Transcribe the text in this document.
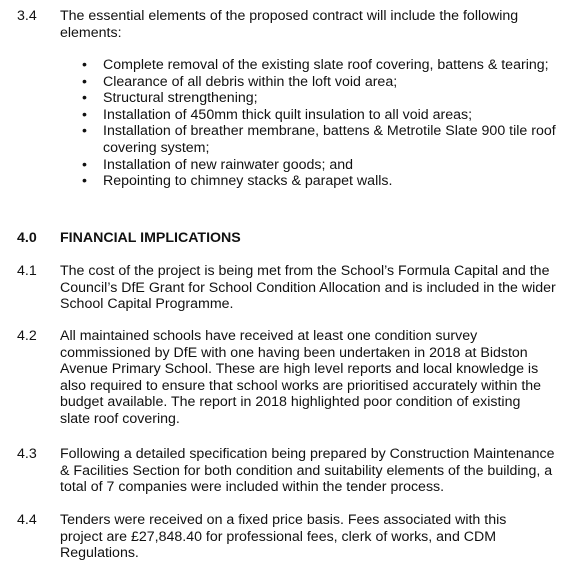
3.4 The essential elements of the proposed contract will include the following elements:
• Complete removal of the existing slate roof covering, battens & tearing;
• Clearance of all debris within the loft void area;
• Structural strengthening;
• Installation of 450mm thick quilt insulation to all void areas;
• Installation of breather membrane, battens & Metrotile Slate 900 tile roof covering system;
• Installation of new rainwater goods; and
• Repointing to chimney stacks & parapet walls.
4.0 FINANCIAL IMPLICATIONS
4.1 The cost of the project is being met from the School’s Formula Capital and the Council’s DfE Grant for School Condition Allocation and is included in the wider School Capital Programme.
4.2 All maintained schools have received at least one condition survey commissioned by DfE with one having been undertaken in 2018 at Bidston Avenue Primary School. These are high level reports and local knowledge is also required to ensure that school works are prioritised accurately within the budget available. The report in 2018 highlighted poor condition of existing slate roof covering.
4.3 Following a detailed specification being prepared by Construction Maintenance & Facilities Section for both condition and suitability elements of the building, a total of 7 companies were included within the tender process.
4.4 Tenders were received on a fixed price basis. Fees associated with this project are £27,848.40 for professional fees, clerk of works, and CDM Regulations.
